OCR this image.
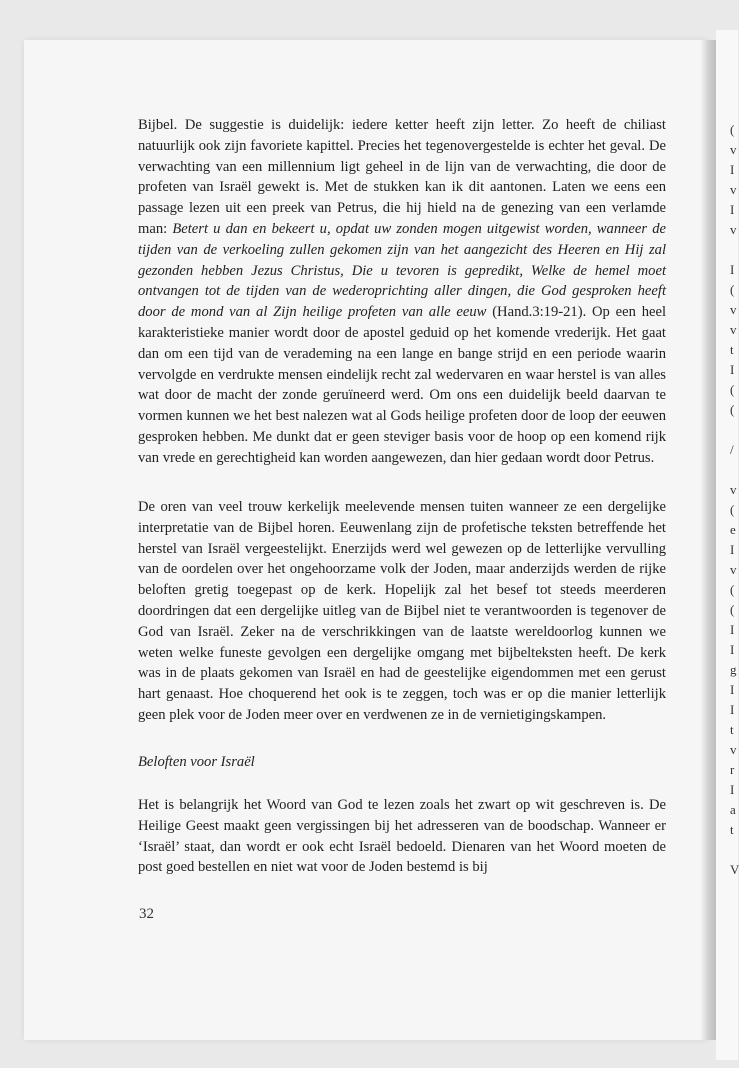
(
v
I
v
I
v
I
(
v
v
t
I
(
(
/
v
(
e
I
v
(
(
I
I
g
I
I
t
v
r
I
a
t
V

Bijbel. De suggestie is duidelijk: iedere ketter heeft zijn letter. Zo heeft de chiliast natuurlijk ook zijn favoriete kapittel. Precies het tegenovergestelde is echter het geval. De verwachting van een millennium ligt geheel in de lijn van de verwachting, die door de profeten van Israël gewekt is. Met de stukken kan ik dit aantonen. Laten we eens een passage lezen uit een preek van Petrus, die hij hield na de genezing van een verlamde man: Betert u dan en bekeert u, opdat uw zonden mogen uitgewist worden, wanneer de tijden van de verkoeling zullen gekomen zijn van het aangezicht des Heeren en Hij zal gezonden hebben Jezus Christus, Die u tevoren is gepredikt, Welke de hemel moet ontvangen tot de tijden van de wederoprichting aller dingen, die God gesproken heeft door de mond van al Zijn heilige profeten van alle eeuw (Hand.3:19-21). Op een heel karakteristieke manier wordt door de apostel geduid op het komende vrederijk. Het gaat dan om een tijd van de verademing na een lange en bange strijd en een periode waarin vervolgde en verdrukte mensen eindelijk recht zal wedervaren en waar herstel is van alles wat door de macht der zonde geruïneerd werd. Om ons een duidelijk beeld daarvan te vormen kunnen we het best nalezen wat al Gods heilige profeten door de loop der eeuwen gesproken hebben. Me dunkt dat er geen steviger basis voor de hoop op een komend rijk van vrede en gerechtigheid kan worden aangewezen, dan hier gedaan wordt door Petrus.

De oren van veel trouw kerkelijk meelevende mensen tuiten wanneer ze een dergelijke interpretatie van de Bijbel horen. Eeuwenlang zijn de profetische teksten betreffende het herstel van Israël vergeestelijkt. Enerzijds werd wel gewezen op de letterlijke vervulling van de oordelen over het ongehoorzame volk der Joden, maar anderzijds werden de rijke beloften gretig toegepast op de kerk. Hopelijk zal het besef tot steeds meerderen doordringen dat een dergelijke uitleg van de Bijbel niet te verantwoorden is tegenover de God van Israël. Zeker na de verschrikkingen van de laatste wereldoorlog kunnen we weten welke funeste gevolgen een dergelijke omgang met bijbelteksten heeft. De kerk was in de plaats gekomen van Israël en had de geestelijke eigendommen met een gerust hart genaast. Hoe choquerend het ook is te zeggen, toch was er op die manier letterlijk geen plek voor de Joden meer over en verdwenen ze in de vernietigingskampen.

Beloften voor Israël

Het is belangrijk het Woord van God te lezen zoals het zwart op wit geschreven is. De Heilige Geest maakt geen vergissingen bij het adresseren van de boodschap. Wanneer er ‘Israël’ staat, dan wordt er ook echt Israël bedoeld. Dienaren van het Woord moeten de post goed bestellen en niet wat voor de Joden bestemd is bij

32
